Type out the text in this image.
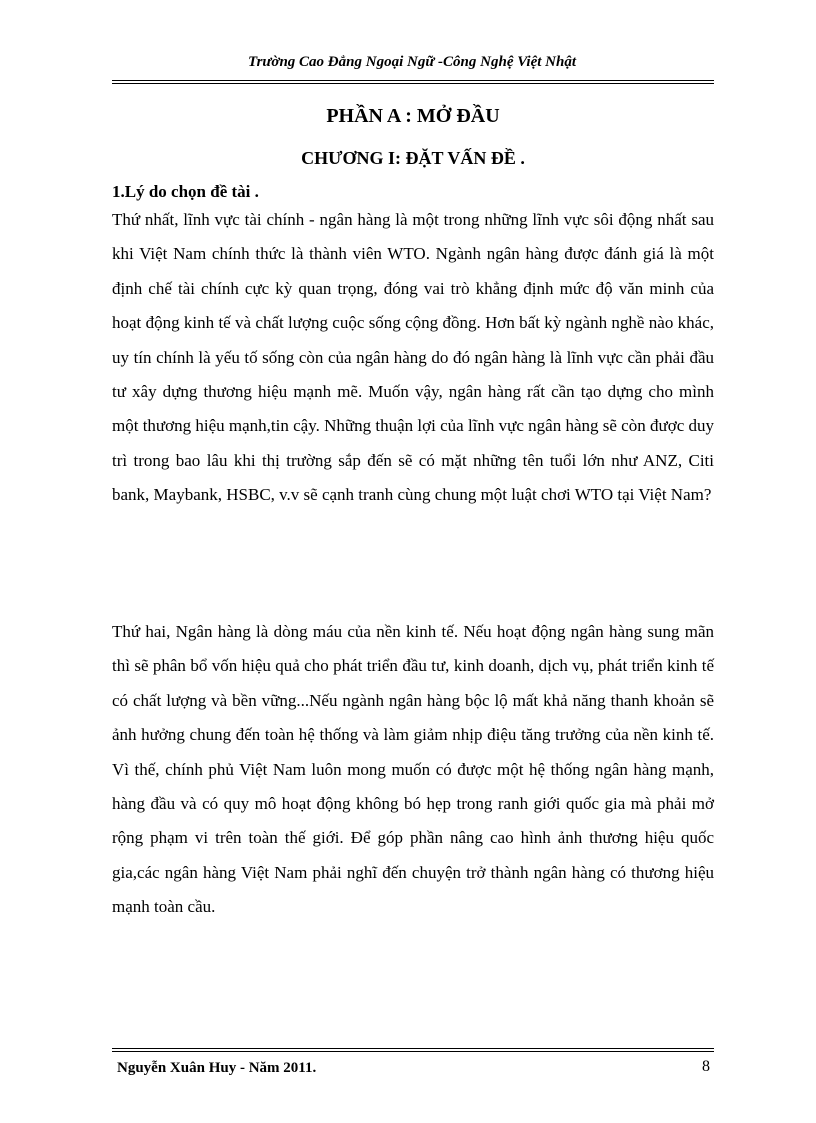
Trường Cao Đẳng Ngoại Ngữ -Công Nghệ Việt Nhật
PHẦN A : MỞ ĐẦU
CHƯƠNG I: ĐẶT VẤN ĐỀ .
1.Lý do chọn đề tài .

Thứ nhất, lĩnh vực tài chính - ngân hàng là một trong những lĩnh vực sôi động nhất sau khi Việt Nam chính thức là thành viên WTO. Ngành ngân hàng được đánh giá là một định chế tài chính cực kỳ quan trọng, đóng vai trò khẳng định mức độ văn minh của hoạt động kinh tế và chất lượng cuộc sống cộng đồng. Hơn bất kỳ ngành nghề nào khác, uy tín chính là yếu tố sống còn của ngân hàng do đó ngân hàng là lĩnh vực cần phải đầu tư xây dựng thương hiệu mạnh mẽ. Muốn vậy, ngân hàng rất cần tạo dựng cho mình một thương hiệu mạnh,tin cậy. Những thuận lợi của lĩnh vực ngân hàng sẽ còn được duy trì trong bao lâu khi thị trường sắp đến sẽ có mặt những tên tuổi lớn như ANZ, Citi bank, Maybank, HSBC, v.v sẽ cạnh tranh cùng chung một luật chơi WTO tại Việt Nam?

Thứ hai, Ngân hàng là dòng máu của nền kinh tế. Nếu hoạt động ngân hàng sung mãn thì sẽ phân bổ vốn hiệu quả cho phát triển đầu tư, kinh doanh, dịch vụ, phát triển kinh tế có chất lượng và bền vững...Nếu ngành ngân hàng bộc lộ mất khả năng thanh khoản sẽ ảnh hưởng chung đến toàn hệ thống và làm giảm nhịp điệu tăng trưởng của nền kinh tế. Vì thế, chính phủ Việt Nam luôn mong muốn có được một hệ thống ngân hàng mạnh, hàng đầu và có quy mô hoạt động không bó hẹp trong ranh giới quốc gia mà phải mở rộng phạm vi trên toàn thế giới. Để góp phần nâng cao hình ảnh thương hiệu quốc gia,các ngân hàng Việt Nam phải nghĩ đến chuyện trở thành ngân hàng có thương hiệu mạnh toàn cầu.

Nguyễn Xuân Huy - Năm 2011.	8
